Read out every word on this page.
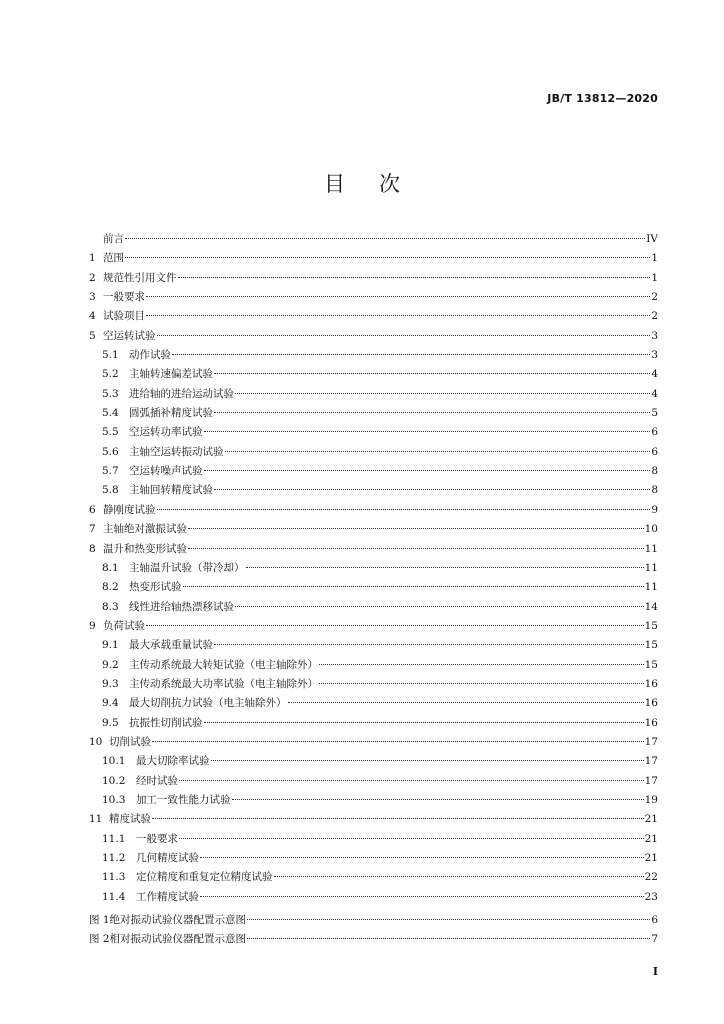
JB/T 13812—2020
目 次
前言	IV
1 范围	1
2 规范性引用文件	1
3 一般要求	2
4 试验项目	2
5 空运转试验	3
5.1 动作试验	3
5.2 主轴转速偏差试验	4
5.3 进给轴的进给运动试验	4
5.4 圆弧插补精度试验	5
5.5 空运转功率试验	6
5.6 主轴空运转振动试验	6
5.7 空运转噪声试验	8
5.8 主轴回转精度试验	8
6 静刚度试验	9
7 主轴绝对激振试验	10
8 温升和热变形试验	11
8.1 主轴温升试验（带冷却）	11
8.2 热变形试验	11
8.3 线性进给轴热漂移试验	14
9 负荷试验	15
9.1 最大承载重量试验	15
9.2 主传动系统最大转矩试验（电主轴除外）	15
9.3 主传动系统最大功率试验（电主轴除外）	16
9.4 最大切削抗力试验（电主轴除外）	16
9.5 抗振性切削试验	16
10 切削试验	17
10.1	最大切除率试验	17
10.2	经时试验	17
10.3	加工一致性能力试验	19
11 精度试验	21
11.1	一般要求	21
11.2	几何精度试验	21
11.3	定位精度和重复定位精度试验	22
11.4	工作精度试验	23
图 1 绝对振动试验仪器配置示意图	6
图 2 相对振动试验仪器配置示意图	7
I
